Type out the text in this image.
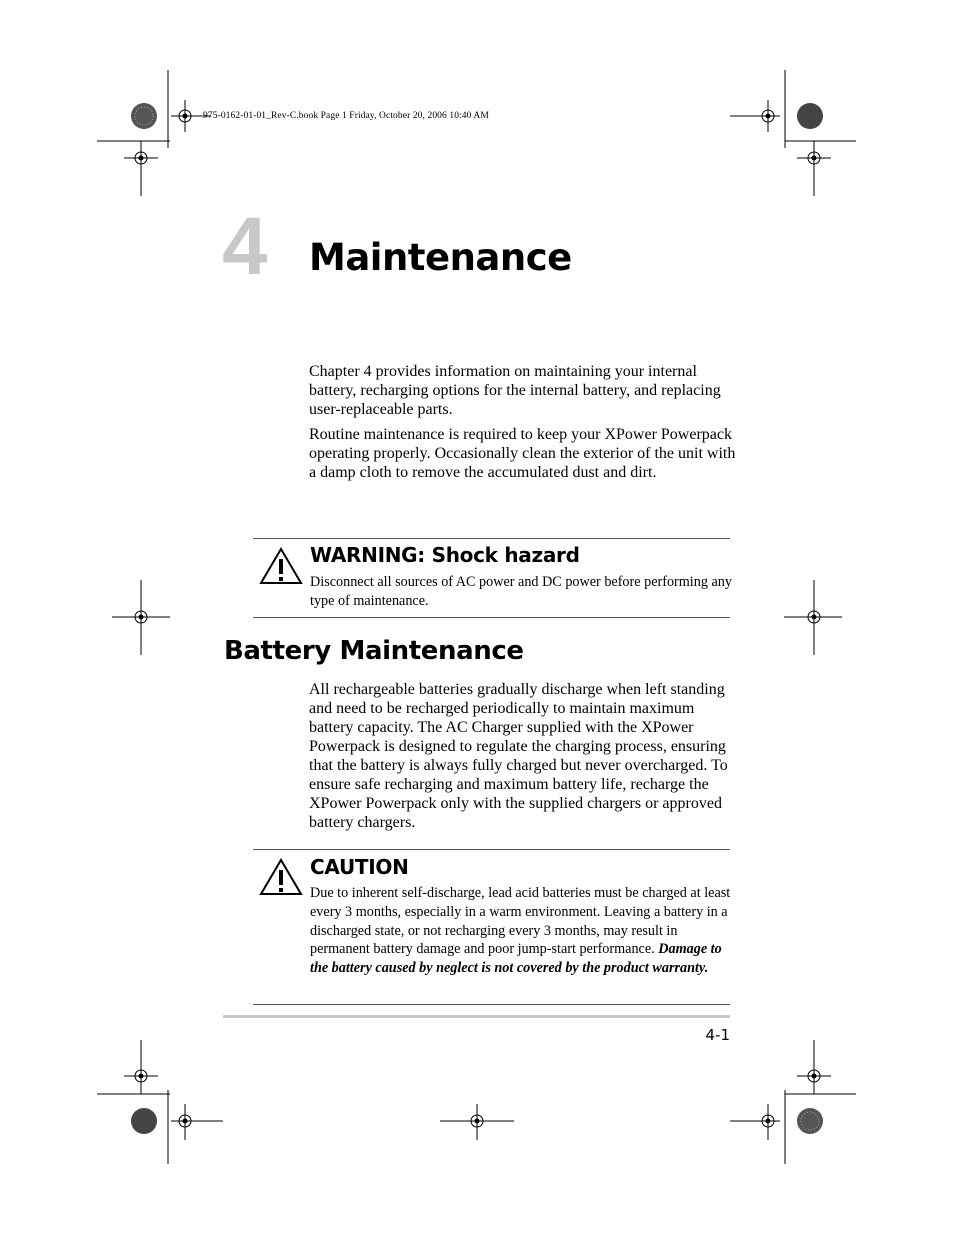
975-0162-01-01_Rev-C.book Page 1 Friday, October 20, 2006 10:40 AM
4 Maintenance
Chapter 4 provides information on maintaining your internal battery, recharging options for the internal battery, and replacing user-replaceable parts.
Routine maintenance is required to keep your XPower Powerpack operating properly. Occasionally clean the exterior of the unit with a damp cloth to remove the accumulated dust and dirt.
WARNING: Shock hazard
Disconnect all sources of AC power and DC power before performing any type of maintenance.
Battery Maintenance
All rechargeable batteries gradually discharge when left standing and need to be recharged periodically to maintain maximum battery capacity. The AC Charger supplied with the XPower Powerpack is designed to regulate the charging process, ensuring that the battery is always fully charged but never overcharged. To ensure safe recharging and maximum battery life, recharge the XPower Powerpack only with the supplied chargers or approved battery chargers.
CAUTION
Due to inherent self-discharge, lead acid batteries must be charged at least every 3 months, especially in a warm environment. Leaving a battery in a discharged state, or not recharging every 3 months, may result in permanent battery damage and poor jump-start performance. Damage to the battery caused by neglect is not covered by the product warranty.
4-1
